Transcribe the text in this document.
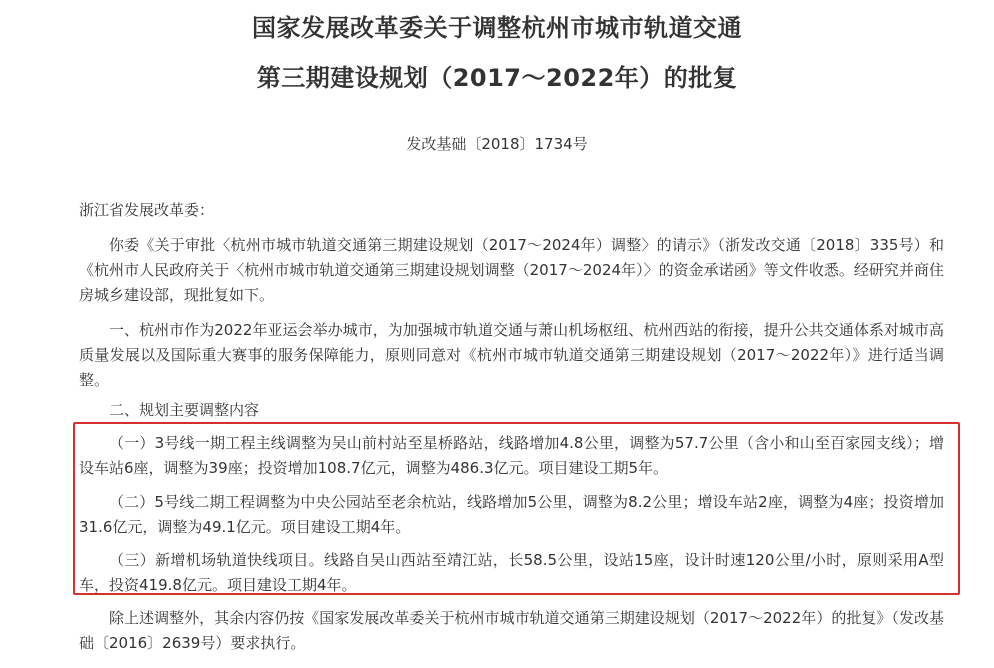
国家发展改革委关于调整杭州市城市轨道交通
第三期建设规划（2017～2022年）的批复
发改基础〔2018〕1734号

浙江省发展改革委：

你委《关于审批〈杭州市城市轨道交通第三期建设规划（2017～2024年）调整〉的请示》（浙发改交通〔2018〕335号）和《杭州市人民政府关于〈杭州市城市轨道交通第三期建设规划调整（2017～2024年）〉的资金承诺函》等文件收悉。经研究并商住房城乡建设部，现批复如下。

一、杭州市作为2022年亚运会举办城市，为加强城市轨道交通与萧山机场枢纽、杭州西站的衔接，提升公共交通体系对城市高质量发展以及国际重大赛事的服务保障能力，原则同意对《杭州市城市轨道交通第三期建设规划（2017～2022年）》进行适当调整。

二、规划主要调整内容

（一）3号线一期工程主线调整为吴山前村站至星桥路站，线路增加4.8公里，调整为57.7公里（含小和山至百家园支线）；增设车站6座，调整为39座；投资增加108.7亿元，调整为486.3亿元。项目建设工期5年。

（二）5号线二期工程调整为中央公园站至老余杭站，线路增加5公里，调整为8.2公里；增设车站2座，调整为4座；投资增加31.6亿元，调整为49.1亿元。项目建设工期4年。

（三）新增机场轨道快线项目。线路自吴山西站至靖江站，长58.5公里，设站15座，设计时速120公里/小时，原则采用A型车，投资419.8亿元。项目建设工期4年。

除上述调整外，其余内容仍按《国家发展改革委关于杭州市城市轨道交通第三期建设规划（2017～2022年）的批复》（发改基础〔2016〕2639号）要求执行。
